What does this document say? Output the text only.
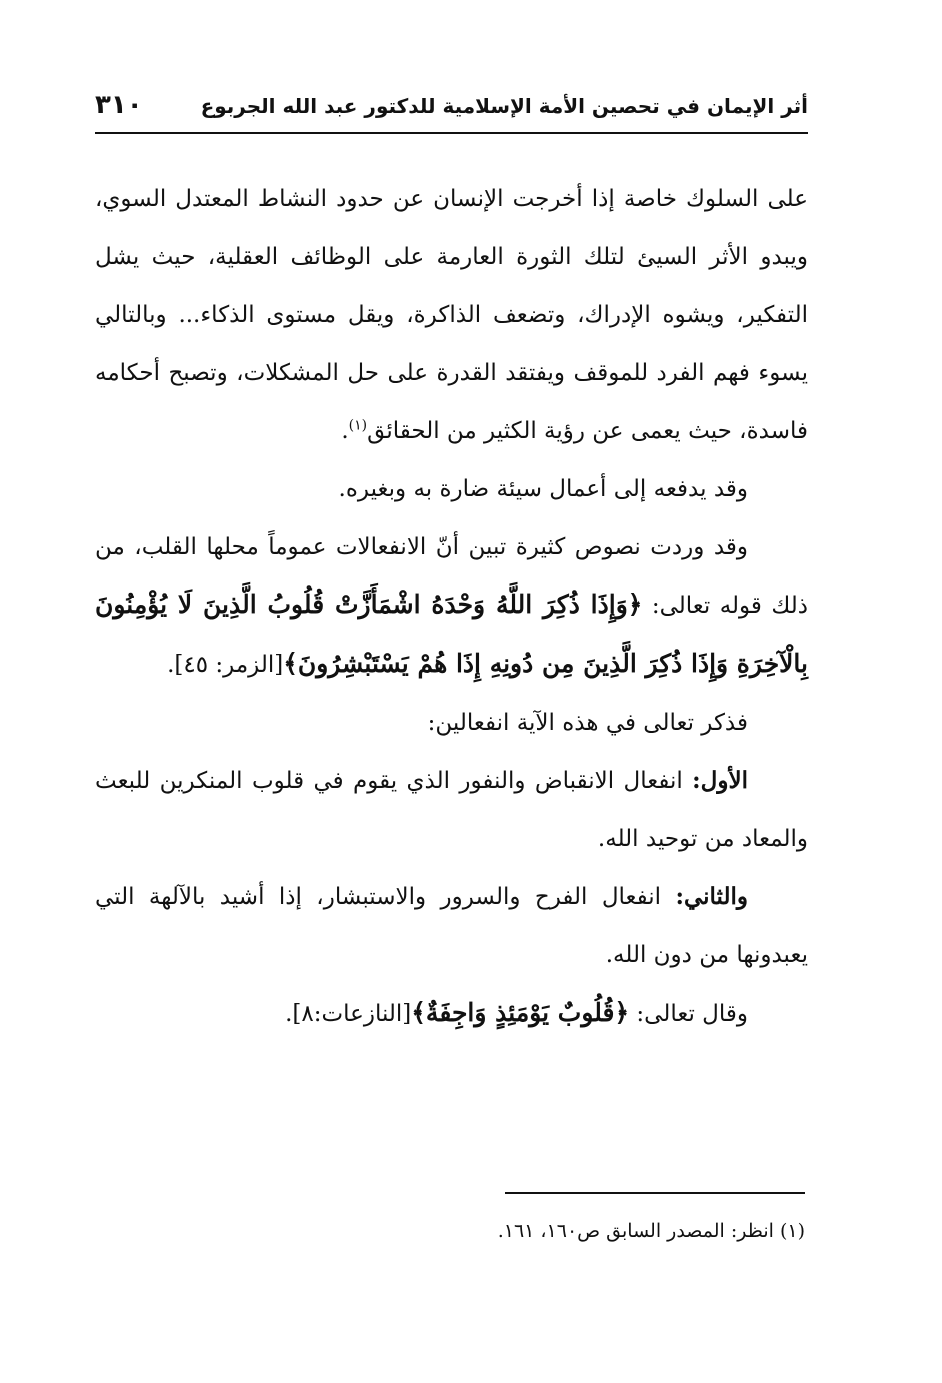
أثر الإيمان في تحصين الأمة الإسلامية للدكتور عبد الله الجربوع
٣١٠

على السلوك خاصة إذا أخرجت الإنسان عن حدود النشاط المعتدل السوي، ويبدو الأثر السيئ لتلك الثورة العارمة على الوظائف العقلية، حيث يشل التفكير، ويشوه الإدراك، وتضعف الذاكرة، ويقل مستوى الذكاء... وبالتالي يسوء فهم الفرد للموقف ويفتقد القدرة على حل المشكلات، وتصبح أحكامه فاسدة، حيث يعمى عن رؤية الكثير من الحقائق$^{(١)}$.

وقد يدفعه إلى أعمال سيئة ضارة به وبغيره.

وقد وردت نصوص كثيرة تبين أنّ الانفعالات عموماً محلها القلب، من ذلك قوله تعالى: ﴿وَإِذَا ذُكِرَ اللَّهُ وَحْدَهُ اشْمَأَزَّتْ قُلُوبُ الَّذِينَ لَا يُؤْمِنُونَ بِالْآخِرَةِ وَإِذَا ذُكِرَ الَّذِينَ مِن دُونِهِ إِذَا هُمْ يَسْتَبْشِرُونَ﴾[الزمر: ٤٥].

فذكر تعالى في هذه الآية انفعالين:

الأول: انفعال الانقباض والنفور الذي يقوم في قلوب المنكرين للبعث والمعاد من توحيد الله.

والثاني: انفعال الفرح والسرور والاستبشار، إذا أشيد بالآلهة التي يعبدونها من دون الله.

وقال تعالى: ﴿قُلُوبٌ يَوْمَئِذٍ وَاجِفَةٌ﴾[النازعات:٨].

(١) انظر: المصدر السابق ص١٦٠، ١٦١.
